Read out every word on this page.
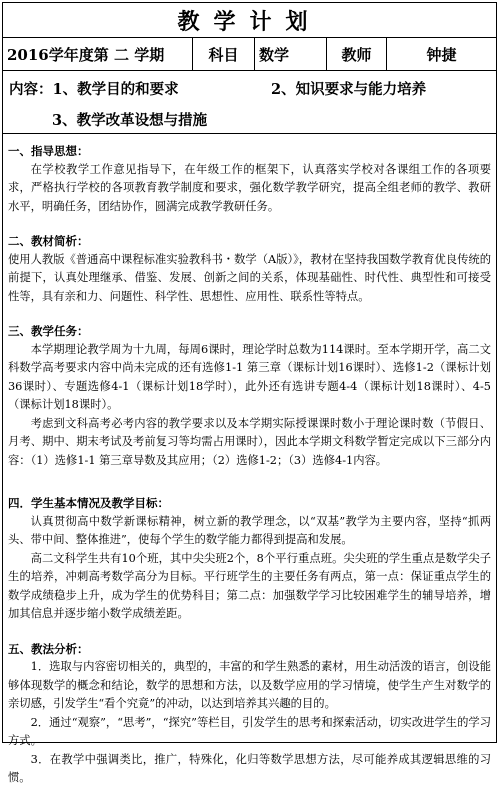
教学计划
2016学年度第 二 学期	科目	数学	教师	钟捷
内容：1、教学目的和要求	2、知识要求与能力培养
3、教学改革设想与措施

一、指导思想：

在学校教学工作意见指导下，在年级工作的框架下，认真落实学校对各课组工作的各项要求，严格执行学校的各项教育教学制度和要求，强化数学教学研究，提高全组老师的教学、教研水平，明确任务，团结协作，圆满完成教学教研任务。

二、教材简析：

使用人教版《普通高中课程标准实验教科书・数学（A版）》，教材在坚持我国数学教育优良传统的前提下，认真处理继承、借鉴、发展、创新之间的关系，体现基础性、时代性、典型性和可接受性等，具有亲和力、问题性、科学性、思想性、应用性、联系性等特点。

三、教学任务：

本学期理论教学周为十九周，每周6课时，理论学时总数为114课时。至本学期开学，高二文科数学高考要求内容中尚未完成的还有选修1-1 第三章（课标计划16课时）、选修1-2（课标计划36课时）、专题选修4-1（课标计划18学时），此外还有选讲专题4-4（课标计划18课时）、4-5（课标计划18课时）。

考虑到文科高考必考内容的教学要求以及本学期实际授课课时数小于理论课时数（节假日、月考、期中、期末考试及考前复习等均需占用课时），因此本学期文科数学暂定完成以下三部分内容：（1）选修1-1 第三章导数及其应用；（2）选修1-2；（3）选修4-1内容。

四．学生基本情况及教学目标：

认真贯彻高中数学新课标精神，树立新的教学理念，以“双基”教学为主要内容，坚持“抓两头、带中间、整体推进”，使每个学生的数学能力都得到提高和发展。

高二文科学生共有10个班，其中尖尖班2个，8个平行重点班。尖尖班的学生重点是数学尖子生的培养，冲刺高考数学高分为目标。平行班学生的主要任务有两点，第一点：保证重点学生的数学成绩稳步上升，成为学生的优势科目；第二点：加强数学学习比较困难学生的辅导培养，增加其信息并逐步缩小数学成绩差距。

五、教法分析：

1．选取与内容密切相关的，典型的，丰富的和学生熟悉的素材，用生动活泼的语言，创设能够体现数学的概念和结论，数学的思想和方法，以及数学应用的学习情境，使学生产生对数学的亲切感，引发学生“看个究竟”的冲动，以达到培养其兴趣的目的。

2．通过“观察”，“思考”，“探究”等栏目，引发学生的思考和探索活动，切实改进学生的学习方式。

3．在教学中强调类比，推广，特殊化，化归等数学思想方法，尽可能养成其逻辑思维的习惯。
